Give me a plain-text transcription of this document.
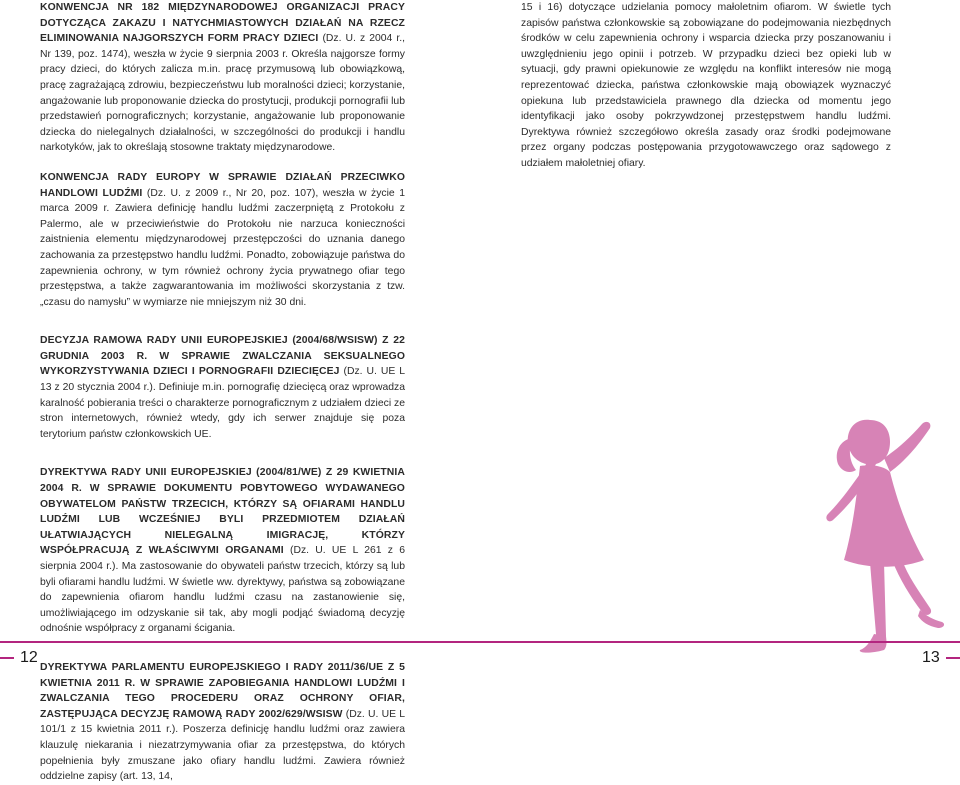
KONWENCJA NR 182 MIĘDZYNARODOWEJ ORGANIZACJI PRACY DOTYCZĄCA ZAKAZU I NATYCHMIASTOWYCH DZIAŁAŃ NA RZECZ ELIMINOWANIA NAJGORSZYCH FORM PRACY DZIECI (Dz. U. z 2004 r., Nr 139, poz. 1474), weszła w życie 9 sierpnia 2003 r. Określa najgorsze formy pracy dzieci, do których zalicza m.in. pracę przymusową lub obowiązkową, pracę zagrażającą zdrowiu, bezpieczeństwu lub moralności dzieci; korzystanie, angażowanie lub proponowanie dziecka do prostytucji, produkcji pornografii lub przedstawień pornograficznych; korzystanie, angażowanie lub proponowanie dziecka do nielegalnych działalności, w szczególności do produkcji i handlu narkotyków, jak to określają stosowne traktaty międzynarodowe.

KONWENCJA RADY EUROPY W SPRAWIE DZIAŁAŃ PRZECIWKO HANDLOWI LUDŹMI (Dz. U. z 2009 r., Nr 20, poz. 107), weszła w życie 1 marca 2009 r. Zawiera definicję handlu ludźmi zaczerpniętą z Protokołu z Palermo, ale w przeciwieństwie do Protokołu nie narzuca konieczności zaistnienia elementu międzynarodowej przestępczości do uznania danego zachowania za przestępstwo handlu ludźmi. Ponadto, zobowiązuje państwa do zapewnienia ochrony, w tym również ochrony życia prywatnego ofiar tego przestępstwa, a także zagwarantowania im możliwości skorzystania z tzw. „czasu do namysłu” w wymiarze nie mniejszym niż 30 dni.

DECYZJA RAMOWA RADY UNII EUROPEJSKIEJ (2004/68/WSISW) Z 22 GRUDNIA 2003 R. W SPRAWIE ZWALCZANIA SEKSUALNEGO WYKORZYSTYWANIA DZIECI I PORNOGRAFII DZIECIĘCEJ (Dz. U. UE L 13 z 20 stycznia 2004 r.). Definiuje m.in. pornografię dziecięcą oraz wprowadza karalność pobierania treści o charakterze pornograficznym z udziałem dzieci ze stron internetowych, również wtedy, gdy ich serwer znajduje się poza terytorium państw członkowskich UE.

DYREKTYWA RADY UNII EUROPEJSKIEJ (2004/81/WE) Z 29 KWIETNIA 2004 R. W SPRAWIE DOKUMENTU POBYTOWEGO WYDAWANEGO OBYWATELOM PAŃSTW TRZECICH, KTÓRZY SĄ OFIARAMI HANDLU LUDŹMI LUB WCZEŚNIEJ BYLI PRZEDMIOTEM DZIAŁAŃ UŁATWIAJĄCYCH NIELEGALNĄ IMIGRACJĘ, KTÓRZY WSPÓŁPRACUJĄ Z WŁAŚCIWYMI ORGANAMI (Dz. U. UE L 261 z 6 sierpnia 2004 r.). Ma zastosowanie do obywateli państw trzecich, którzy są lub byli ofiarami handlu ludźmi. W świetle ww. dyrektywy, państwa są zobowiązane do zapewnienia ofiarom handlu ludźmi czasu na zastanowienie się, umożliwiającego im odzyskanie sił tak, aby mogli podjąć świadomą decyzję odnośnie współpracy z organami ścigania.

DYREKTYWA PARLAMENTU EUROPEJSKIEGO I RADY 2011/36/UE Z 5 KWIETNIA 2011 R. W SPRAWIE ZAPOBIEGANIA HANDLOWI LUDŹMI I ZWALCZANIA TEGO PROCEDERU ORAZ OCHRONY OFIAR, ZASTĘPUJĄCA DECYZJĘ RAMOWĄ RADY 2002/629/WSISW (Dz. U. UE L 101/1 z 15 kwietnia 2011 r.). Poszerza definicję handlu ludźmi oraz zawiera klauzulę niekarania i niezatrzymywania ofiar za przestępstwa, do których popełnienia były zmuszane jako ofiary handlu ludźmi. Zawiera również oddzielne zapisy (art. 13, 14,

15 i 16) dotyczące udzielania pomocy małoletnim ofiarom. W świetle tych zapisów państwa członkowskie są zobowiązane do podejmowania niezbędnych środków w celu zapewnienia ochrony i wsparcia dziecka przy poszanowaniu i uwzględnieniu jego opinii i potrzeb. W przypadku dzieci bez opieki lub w sytuacji, gdy prawni opiekunowie ze względu na konflikt interesów nie mogą reprezentować dziecka, państwa członkowskie mają obowiązek wyznaczyć opiekuna lub przedstawiciela prawnego dla dziecka od momentu jego identyfikacji jako osoby pokrzywdzonej przestępstwem handlu ludźmi. Dyrektywa również szczegółowo określa zasady oraz środki podejmowane przez organy podczas postępowania przygotowawczego oraz sądowego z udziałem małoletniej ofiary.

12	13
